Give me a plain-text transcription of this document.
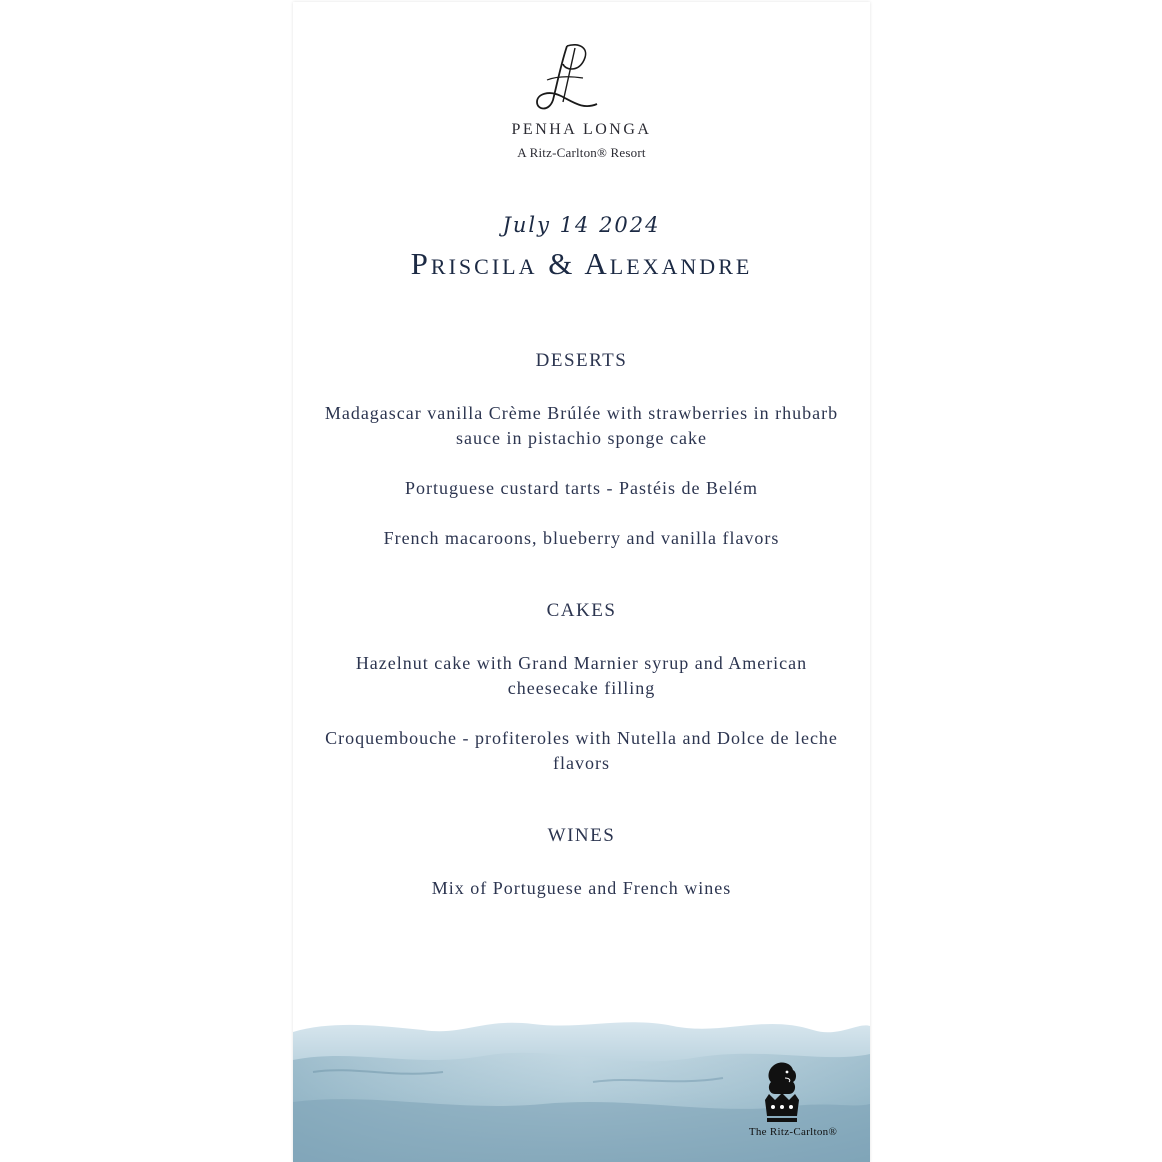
PENHA LONGA
A Ritz-Carlton® Resort
July 14 2024
Priscila & Alexandre
DESERTS
Madagascar vanilla Crème Brúlée with strawberries in rhubarb sauce in pistachio sponge cake
Portuguese custard tarts - Pastéis de Belém
French macaroons, blueberry and vanilla flavors
CAKES
Hazelnut cake with Grand Marnier syrup and American cheesecake filling
Croquembouche - profiteroles with Nutella and Dolce de leche flavors
WINES
Mix of Portuguese and French wines
The Ritz-Carlton®
